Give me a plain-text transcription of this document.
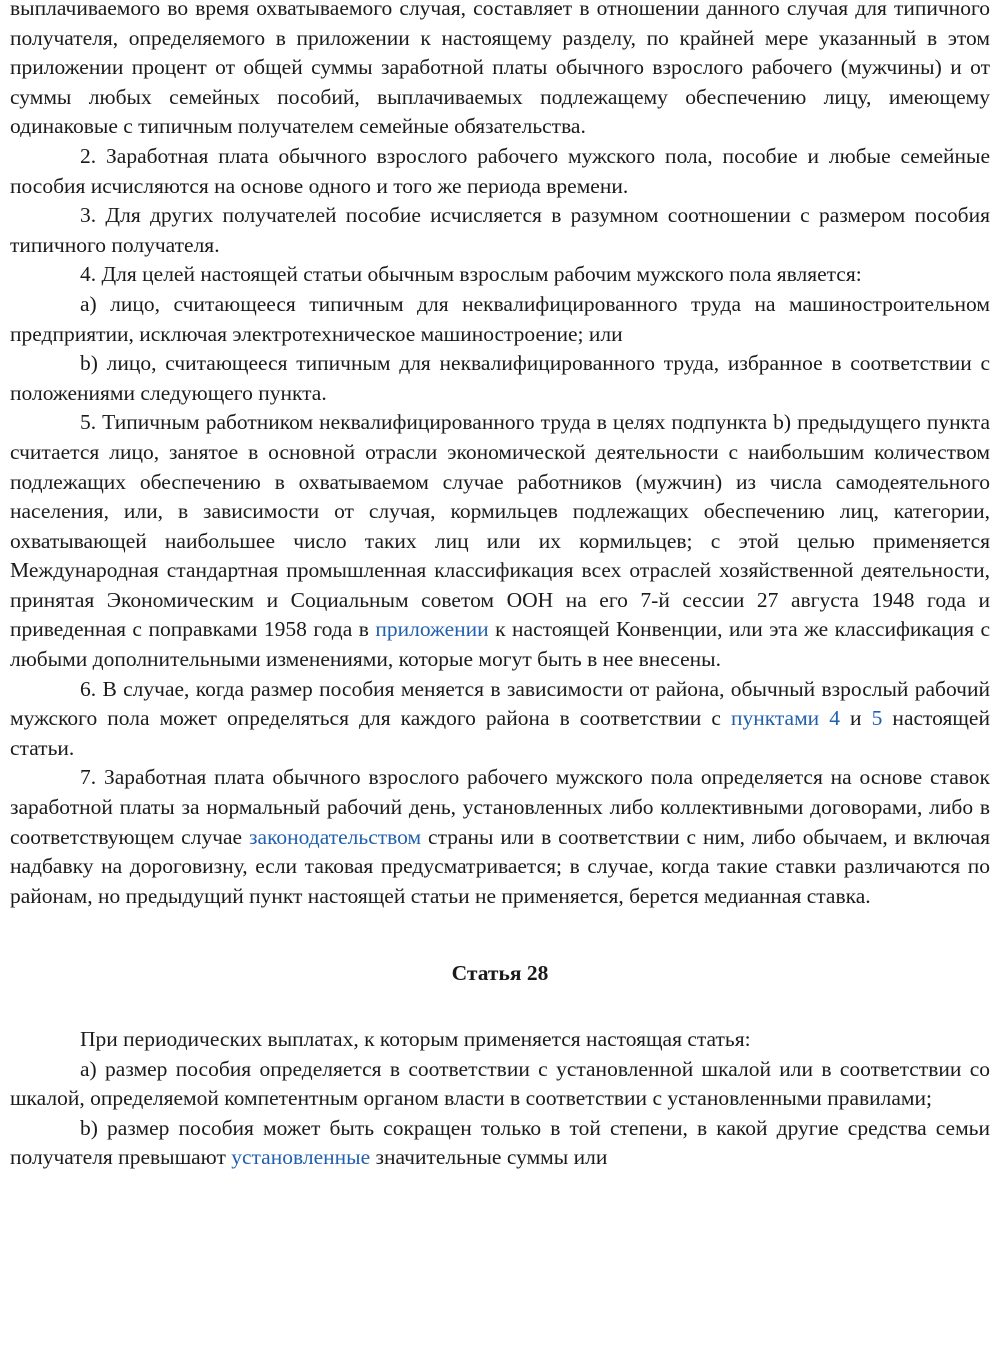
выплачиваемого во время охватываемого случая, составляет в отношении данного случая для типичного получателя, определяемого в приложении к настоящему разделу, по крайней мере указанный в этом приложении процент от общей суммы заработной платы обычного взрослого рабочего (мужчины) и от суммы любых семейных пособий, выплачиваемых подлежащему обеспечению лицу, имеющему одинаковые с типичным получателем семейные обязательства.

2. Заработная плата обычного взрослого рабочего мужского пола, пособие и любые семейные пособия исчисляются на основе одного и того же периода времени.

3. Для других получателей пособие исчисляется в разумном соотношении с размером пособия типичного получателя.

4. Для целей настоящей статьи обычным взрослым рабочим мужского пола является:

a) лицо, считающееся типичным для неквалифицированного труда на машиностроительном предприятии, исключая электротехническое машиностроение; или

b) лицо, считающееся типичным для неквалифицированного труда, избранное в соответствии с положениями следующего пункта.

5. Типичным работником неквалифицированного труда в целях подпункта b) предыдущего пункта считается лицо, занятое в основной отрасли экономической деятельности с наибольшим количеством подлежащих обеспечению в охватываемом случае работников (мужчин) из числа самодеятельного населения, или, в зависимости от случая, кормильцев подлежащих обеспечению лиц, категории, охватывающей наибольшее число таких лиц или их кормильцев; с этой целью применяется Международная стандартная промышленная классификация всех отраслей хозяйственной деятельности, принятая Экономическим и Социальным советом ООН на его 7-й сессии 27 августа 1948 года и приведенная с поправками 1958 года в приложении к настоящей Конвенции, или эта же классификация с любыми дополнительными изменениями, которые могут быть в нее внесены.

6. В случае, когда размер пособия меняется в зависимости от района, обычный взрослый рабочий мужского пола может определяться для каждого района в соответствии с пунктами 4 и 5 настоящей статьи.

7. Заработная плата обычного взрослого рабочего мужского пола определяется на основе ставок заработной платы за нормальный рабочий день, установленных либо коллективными договорами, либо в соответствующем случае законодательством страны или в соответствии с ним, либо обычаем, и включая надбавку на дороговизну, если таковая предусматривается; в случае, когда такие ставки различаются по районам, но предыдущий пункт настоящей статьи не применяется, берется медианная ставка.

Статья 28

При периодических выплатах, к которым применяется настоящая статья:

a) размер пособия определяется в соответствии с установленной шкалой или в соответствии со шкалой, определяемой компетентным органом власти в соответствии с установленными правилами;

b) размер пособия может быть сокращен только в той степени, в какой другие средства семьи получателя превышают установленные значительные суммы или
